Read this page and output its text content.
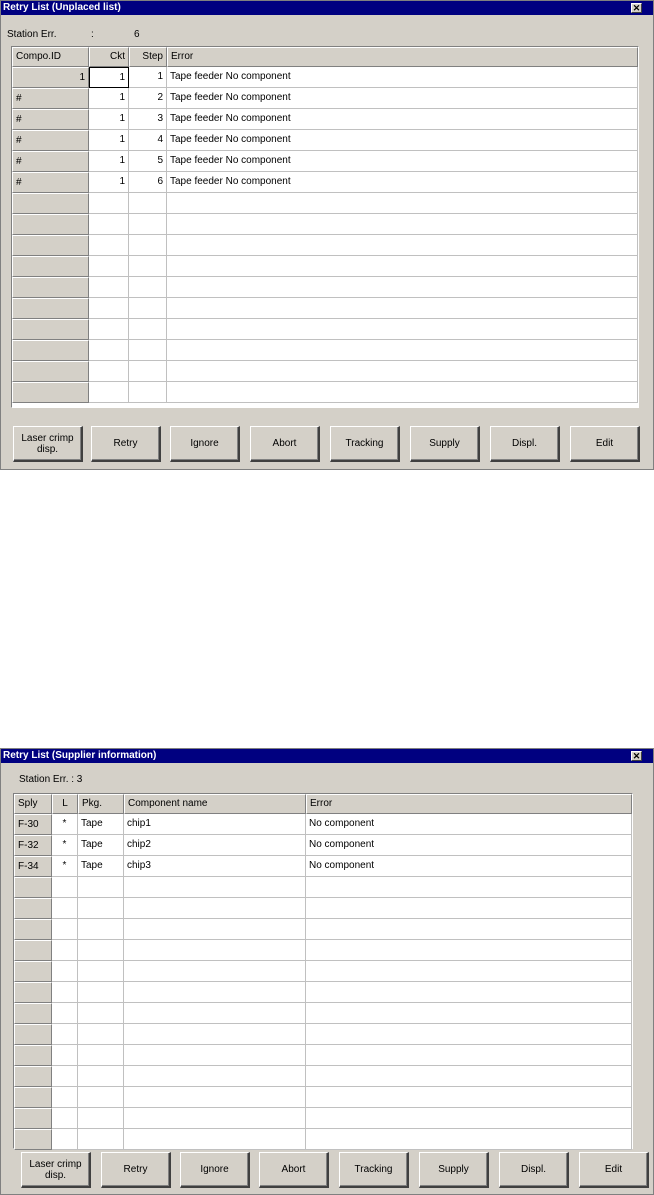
Retry List (Unplaced list)	✕
Station Err.	:	6
Compo.ID	Ckt	Step Error
1	1	1 Tape feeder No component
#	1	2 Tape feeder No component
#	1	3 Tape feeder No component
#	1	4 Tape feeder No component
#	1	5 Tape feeder No component
#	1	6 Tape feeder No component
Laser crimp disp.	Retry	Ignore	Abort	Tracking	Supply	Displ.	Edit
Retry List (Supplier information)	✕
Station Err. : 3
Sply	L	Pkg.	Component name	Error
F-30	*	Tape	chip1	No component
F-32	*	Tape	chip2	No component
F-34	*	Tape	chip3	No component
Laser crimp disp.	Retry	Ignore	Abort	Tracking	Supply	Displ.	Edit
